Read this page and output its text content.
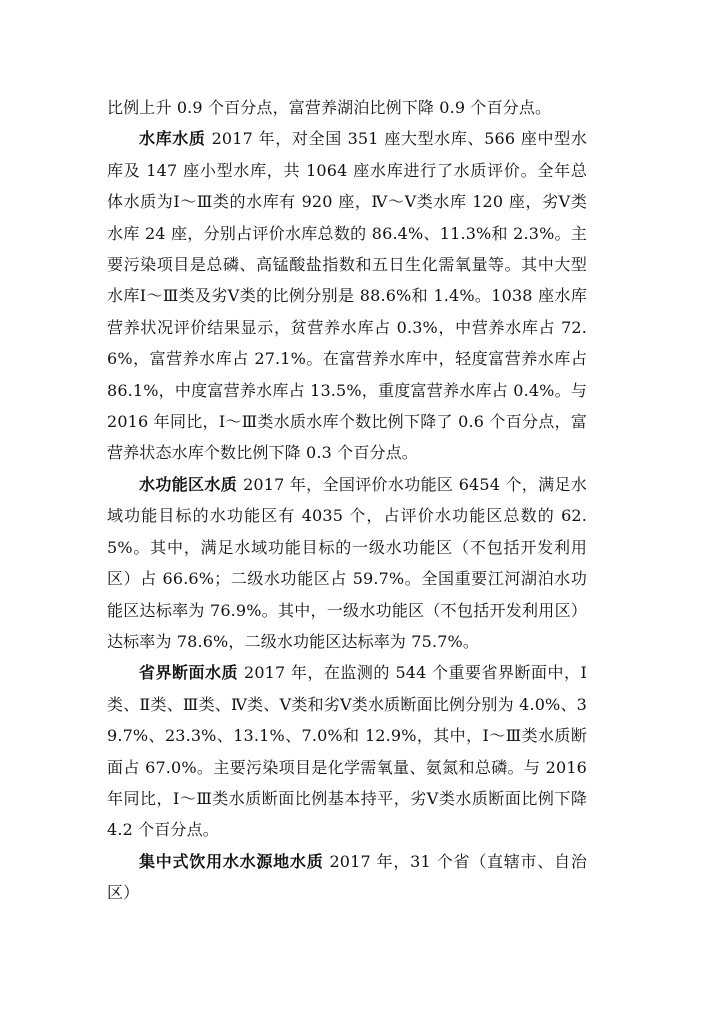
比例上升 0.9 个百分点，富营养湖泊比例下降 0.9 个百分点。

水库水质 2017 年，对全国 351 座大型水库、566 座中型水库及 147 座小型水库，共 1064 座水库进行了水质评价。全年总体水质为Ⅰ～Ⅲ类的水库有 920 座，Ⅳ～Ⅴ类水库 120 座，劣Ⅴ类水库 24 座，分别占评价水库总数的 86.4%、11.3%和 2.3%。主要污染项目是总磷、高锰酸盐指数和五日生化需氧量等。其中大型水库Ⅰ～Ⅲ类及劣Ⅴ类的比例分别是 88.6%和 1.4%。1038 座水库营养状况评价结果显示，贫营养水库占 0.3%，中营养水库占 72.6%，富营养水库占 27.1%。在富营养水库中，轻度富营养水库占86.1%，中度富营养水库占 13.5%，重度富营养水库占 0.4%。与 2016 年同比，Ⅰ～Ⅲ类水质水库个数比例下降了 0.6 个百分点，富营养状态水库个数比例下降 0.3 个百分点。

水功能区水质 2017 年，全国评价水功能区 6454 个，满足水域功能目标的水功能区有 4035 个，占评价水功能区总数的 62.5%。其中，满足水域功能目标的一级水功能区（不包括开发利用区）占 66.6%；二级水功能区占 59.7%。全国重要江河湖泊水功能区达标率为 76.9%。其中，一级水功能区（不包括开发利用区）达标率为 78.6%，二级水功能区达标率为 75.7%。

省界断面水质 2017 年，在监测的 544 个重要省界断面中，Ⅰ类、Ⅱ类、Ⅲ类、Ⅳ类、Ⅴ类和劣Ⅴ类水质断面比例分别为 4.0%、39.7%、23.3%、13.1%、7.0%和 12.9%，其中，Ⅰ～Ⅲ类水质断面占 67.0%。主要污染项目是化学需氧量、氨氮和总磷。与 2016 年同比，Ⅰ～Ⅲ类水质断面比例基本持平，劣Ⅴ类水质断面比例下降 4.2 个百分点。

集中式饮用水水源地水质 2017 年，31 个省（直辖市、自治区）
